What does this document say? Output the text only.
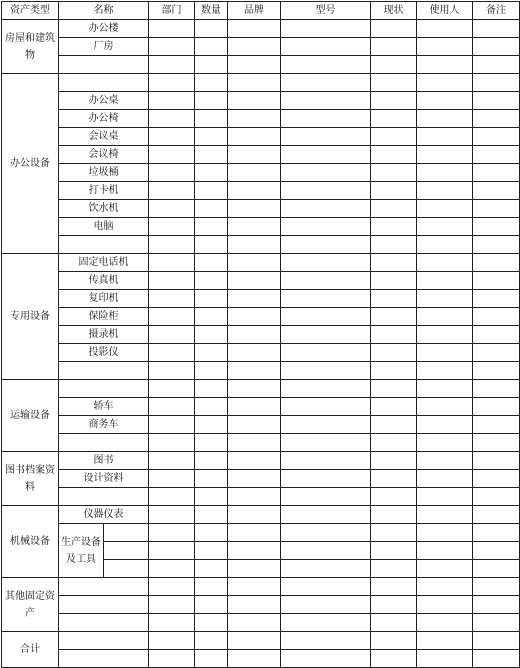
资产类型	名称		部门	数量	品牌	型号	现状	使用人	备注
房屋和建筑物	办公楼								
	厂房								

办公设备									
	办公桌								
	办公椅								
	会议桌								
	会议椅								
	垃圾桶								
	打卡机								
	饮水机								
	电脑								

专用设备	固定电话机								
	传真机								
	复印机								
	保险柜								
	摄录机								
	投影仪								

运输设备									
	轿车								
	商务车								

图书档案资料	图书								
	设计资料								

机械设备	仪器仪表								
	生产设备及工具								

其他固定资产									

合计									
